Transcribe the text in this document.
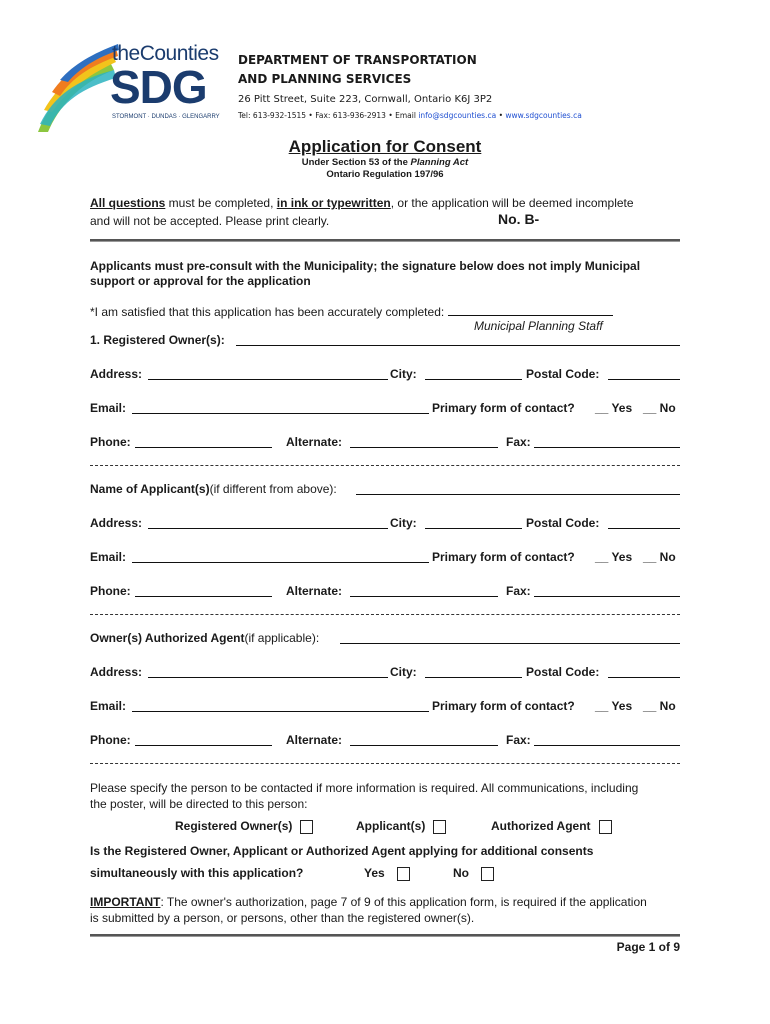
theCounties
SDG
STORMONT · DUNDAS · GLENGARRY
DEPARTMENT OF TRANSPORTATION
AND PLANNING SERVICES
26 Pitt Street, Suite 223, Cornwall, Ontario K6J 3P2
Tel: 613-932-1515 • Fax: 613-936-2913 • Email info@sdgcounties.ca • www.sdgcounties.ca
Application for Consent
Under Section 53 of the Planning Act
Ontario Regulation 197/96
All questions must be completed, in ink or typewritten, or the application will be deemed incomplete
and will not be accepted. Please print clearly.	No. B-
Applicants must pre-consult with the Municipality; the signature below does not imply Municipal
support or approval for the application
*I am satisfied that this application has been accurately completed:
Municipal Planning Staff
1. Registered Owner(s):
Address:	City:	Postal Code:
Email:	Primary form of contact? __ Yes __ No
Phone:	Alternate:	Fax:
Name of Applicant(s) (if different from above):
Address:	City:	Postal Code:
Email:	Primary form of contact? __ Yes __ No
Phone:	Alternate:	Fax:
Owner(s) Authorized Agent (if applicable):
Address:	City:	Postal Code:
Email:	Primary form of contact? __ Yes __ No
Phone:	Alternate:	Fax:
Please specify the person to be contacted if more information is required. All communications, including
the poster, will be directed to this person:
Registered Owner(s)	Applicant(s)	Authorized Agent
Is the Registered Owner, Applicant or Authorized Agent applying for additional consents
simultaneously with this application?	Yes	No
IMPORTANT: The owner's authorization, page 7 of 9 of this application form, is required if the application
is submitted by a person, or persons, other than the registered owner(s).
Page 1 of 9
